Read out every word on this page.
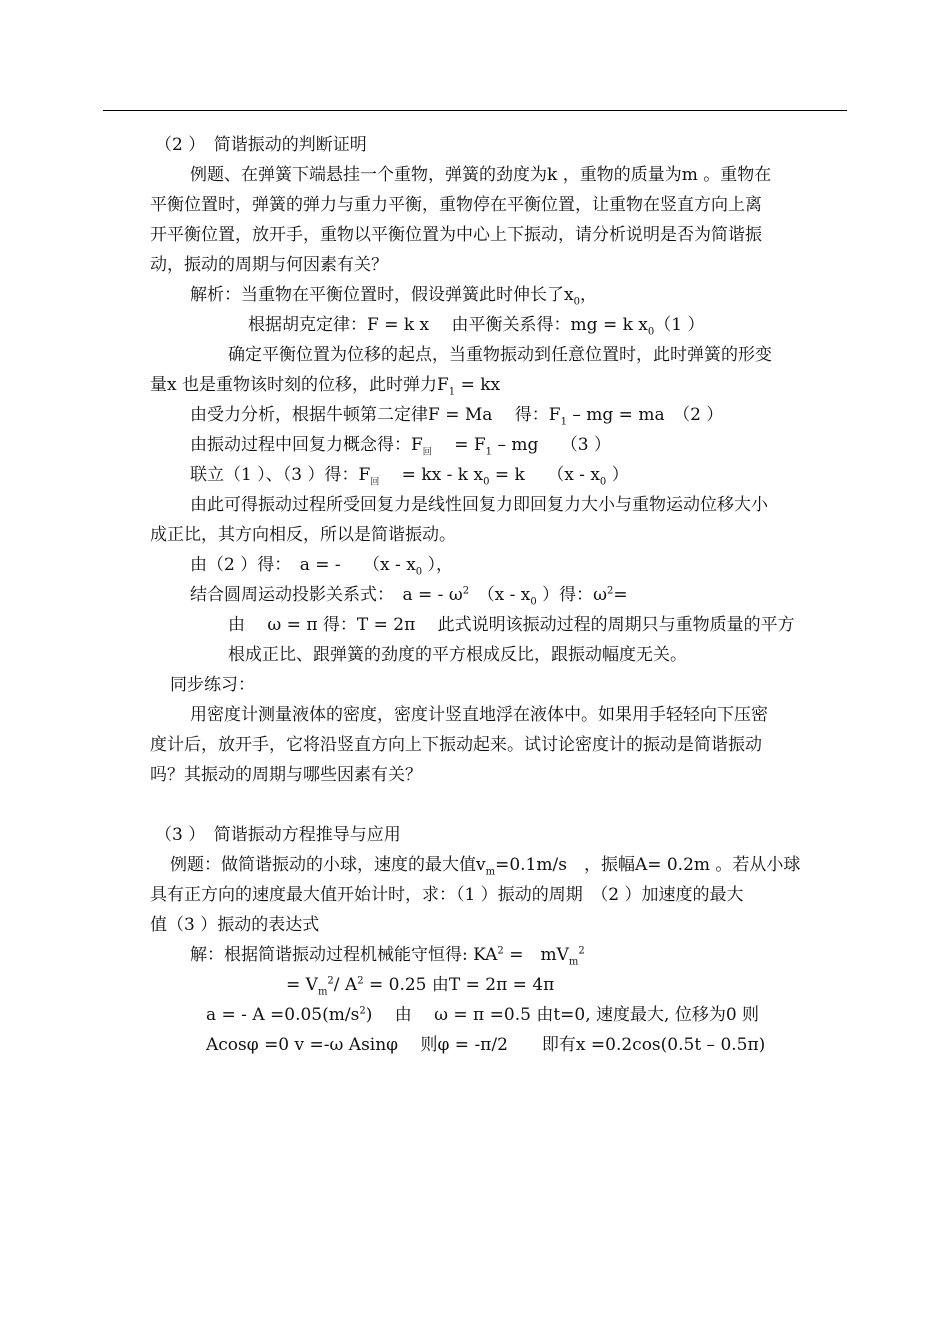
（2 ）　简谐振动的判断证明
例题、在弹簧下端悬挂一个重物，弹簧的劲度为k ，重物的质量为m 。重物在
平衡位置时，弹簧的弹力与重力平衡，重物停在平衡位置，让重物在竖直方向上离
开平衡位置，放开手，重物以平衡位置为中心上下振动，请分析说明是否为简谐振
动，振动的周期与何因素有关？
解析：当重物在平衡位置时，假设弹簧此时伸长了$x_0$，
根据胡克定律：F = k x　 由平衡关系得：mg = k $x_0(1$ ）
确定平衡位置为位移的起点，当重物振动到任意位置时，此时弹簧的形变
量x 也是重物该时刻的位移，此时弹力$F_1$ = kx
由受力分析，根据牛顿第二定律F = Ma　 得：$F_1$ – mg = ma　（2 ）
由振动过程中回复力概念得：$F_回$　 = $F_1$ – mg　 （3 ）
联立（1 ）、（3 ）得：$F_回$　 = kx - k $x_0 = k$　 （$x - x_0$ ）
由此可得振动过程所受回复力是线性回复力即回复力大小与重物运动位移大小
成正比，其方向相反，所以是简谐振动。
由（2 ）得：　a = -　 （$x - x_0$ ），
结合圆周运动投影关系式：　a = - $\omega^2$　（$x - x_0$ ）得：$\omega^2=$
由　 ω = π 得：T = 2π　 此式说明该振动过程的周期只与重物质量的平方
根成正比、跟弹簧的劲度的平方根成反比，跟振动幅度无关。
同步练习：
用密度计测量液体的密度，密度计竖直地浮在液体中。如果用手轻轻向下压密
度计后，放开手，它将沿竖直方向上下振动起来。试讨论密度计的振动是简谐振动
吗？其振动的周期与哪些因素有关？
（3 ）　简谐振动方程推导与应用
例题：做简谐振动的小球，速度的最大值$v_m=0.1m/s$　，振幅A= 0.2m 。若从小球
具有正方向的速度最大值开始计时，求：（1 ）振动的周期　（2 ）加速度的最大
值（3 ）振动的表达式
解：根据简谐振动过程机械能守恒得: $KA^2$ =　$mV_m^2$
= $V_m^2/$ $A^2 = 0.25$ 由T = 2π = 4π
a = - $A =0.05(m/s^2)$　 由　 ω = π =0.5 由t=0, 速度最大, 位移为0 则
Acosφ =0 v =-ω Asinφ　 则φ = -π/2　　即有x =0.2cos(0.5t – 0.5π)
